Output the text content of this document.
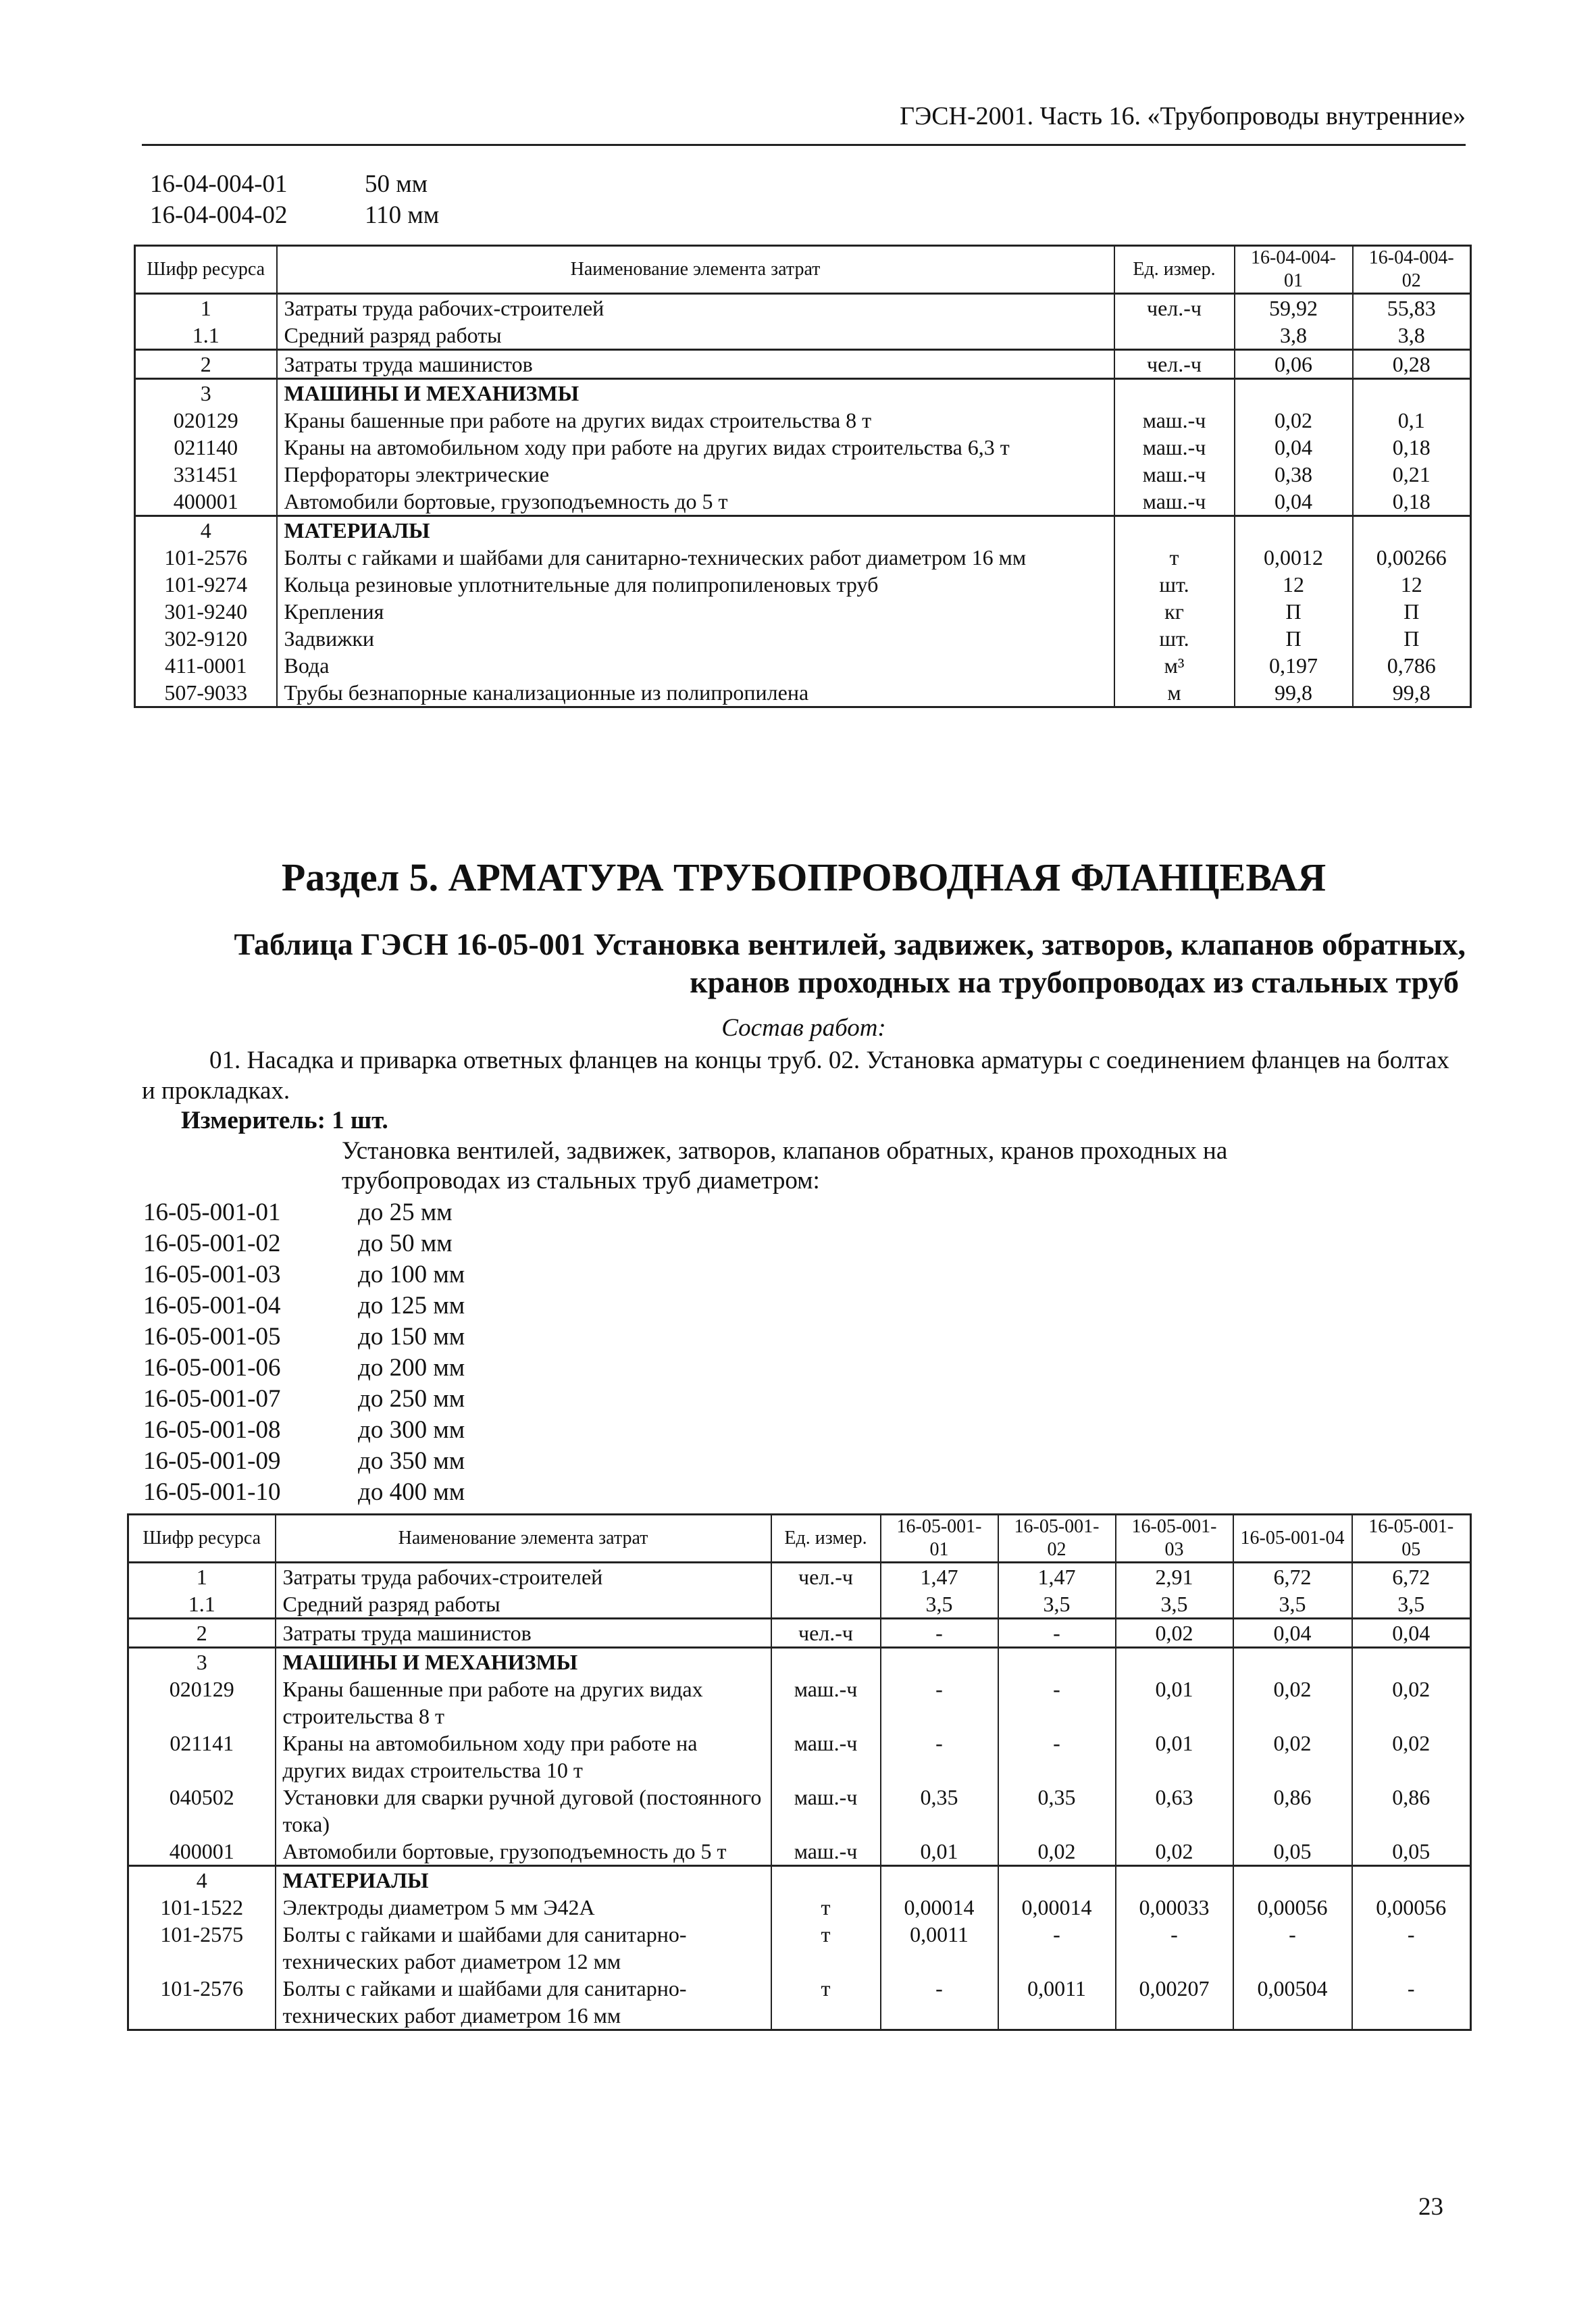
ГЭСН-2001. Часть 16. «Трубопроводы внутренние»
16-04-004-01	50 мм
16-04-004-02	110 мм
Шифр ресурса	Наименование элемента затрат	Ед. измер.	16-04-004-01	16-04-004-02
1	Затраты труда рабочих-строителей	чел.-ч	59,92	55,83
1.1	Средний разряд работы		3,8	3,8
2	Затраты труда машинистов	чел.-ч	0,06	0,28
3	МАШИНЫ И МЕХАНИЗМЫ			
020129	Краны башенные при работе на других видах строительства 8 т	маш.-ч	0,02	0,1
021140	Краны на автомобильном ходу при работе на других видах строительства 6,3 т	маш.-ч	0,04	0,18
331451	Перфораторы электрические	маш.-ч	0,38	0,21
400001	Автомобили бортовые, грузоподъемность до 5 т	маш.-ч	0,04	0,18
4	МАТЕРИАЛЫ			
101-2576	Болты с гайками и шайбами для санитарно-технических работ диаметром 16 мм	т	0,0012	0,00266
101-9274	Кольца резиновые уплотнительные для полипропиленовых труб	шт.	12	12
301-9240	Крепления	кг	П	П
302-9120	Задвижки	шт.	П	П
411-0001	Вода	м³	0,197	0,786
507-9033	Трубы безнапорные канализационные из полипропилена	м	99,8	99,8
Раздел 5. АРМАТУРА ТРУБОПРОВОДНАЯ ФЛАНЦЕВАЯ
Таблица ГЭСН 16-05-001 Установка вентилей, задвижек, затворов, клапанов обратных,
кранов проходных на трубопроводах из стальных труб
Состав работ:
01. Насадка и приварка ответных фланцев на концы труб. 02. Установка арматуры с соединением фланцев на болтах и прокладках.
Измеритель: 1 шт.
Установка вентилей, задвижек, затворов, клапанов обратных, кранов проходных на трубопроводах из стальных труб диаметром:
16-05-001-01	до 25 мм
16-05-001-02	до 50 мм
16-05-001-03	до 100 мм
16-05-001-04	до 125 мм
16-05-001-05	до 150 мм
16-05-001-06	до 200 мм
16-05-001-07	до 250 мм
16-05-001-08	до 300 мм
16-05-001-09	до 350 мм
16-05-001-10	до 400 мм
Шифр ресурса	Наименование элемента затрат	Ед. измер.	16-05-001-01	16-05-001-02	16-05-001-03	16-05-001-04	16-05-001-05
1	Затраты труда рабочих-строителей	чел.-ч	1,47	1,47	2,91	6,72	6,72
1.1	Средний разряд работы		3,5	3,5	3,5	3,5	3,5
2	Затраты труда машинистов	чел.-ч	-	-	0,02	0,04	0,04
3	МАШИНЫ И МЕХАНИЗМЫ						
020129	Краны башенные при работе на других видах строительства 8 т	маш.-ч	-	-	0,01	0,02	0,02
021141	Краны на автомобильном ходу при работе на других видах строительства 10 т	маш.-ч	-	-	0,01	0,02	0,02
040502	Установки для сварки ручной дуговой (постоянного тока)	маш.-ч	0,35	0,35	0,63	0,86	0,86
400001	Автомобили бортовые, грузоподъемность до 5 т	маш.-ч	0,01	0,02	0,02	0,05	0,05
4	МАТЕРИАЛЫ						
101-1522	Электроды диаметром 5 мм Э42А	т	0,00014	0,00014	0,00033	0,00056	0,00056
101-2575	Болты с гайками и шайбами для санитарно-технических работ диаметром 12 мм	т	0,0011	-	-	-	-
101-2576	Болты с гайками и шайбами для санитарно-технических работ диаметром 16 мм	т	-	0,0011	0,00207	0,00504	-
23
